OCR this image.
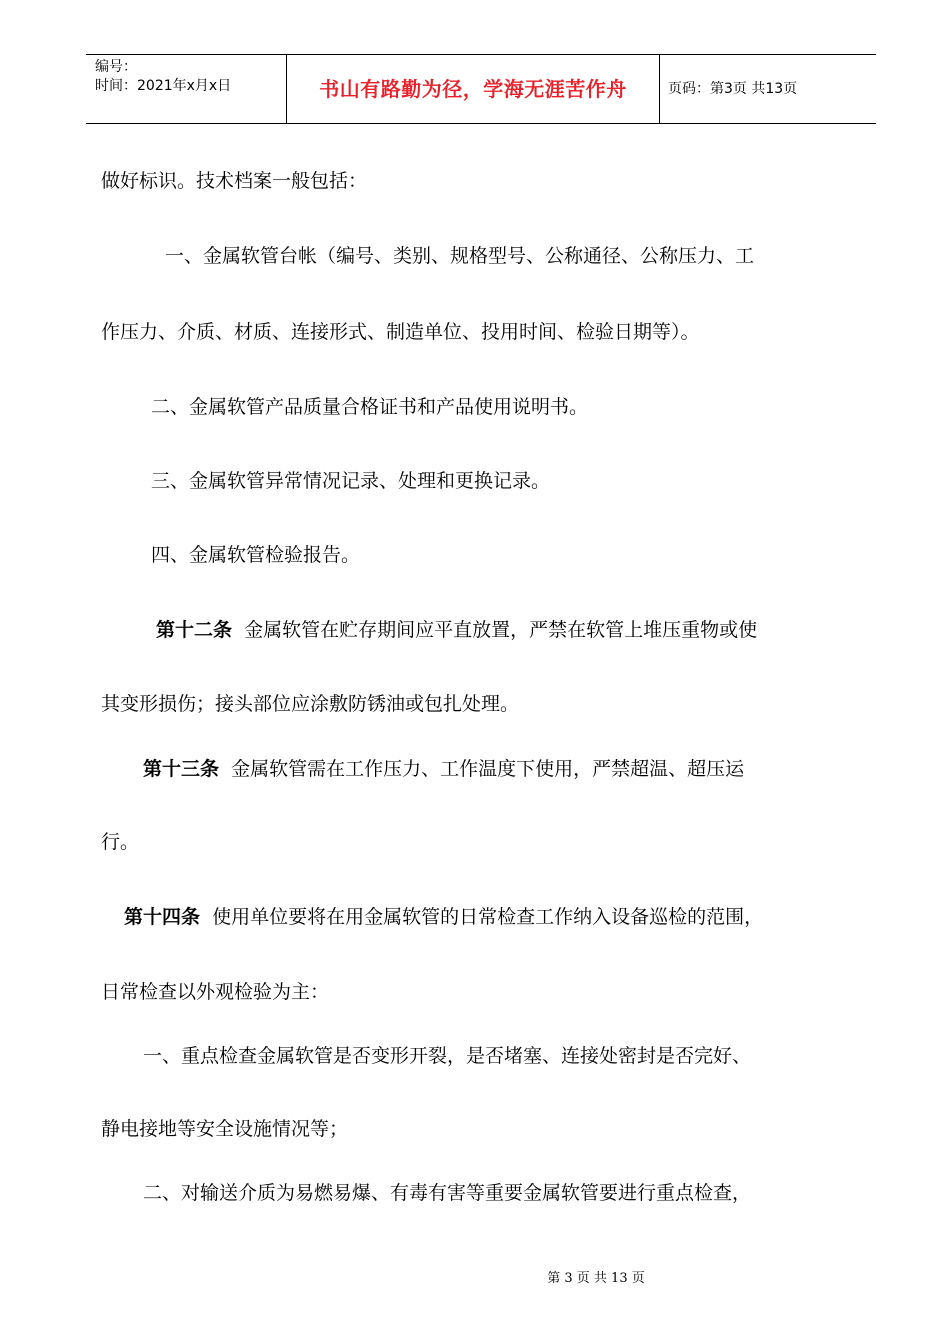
编号：
时间：2021年x月x日	书山有路勤为径，学海无涯苦作舟	页码：第3页 共13页
做好标识。技术档案一般包括：
一、金属软管台帐（编号、类别、规格型号、公称通径、公称压力、工
作压力、介质、材质、连接形式、制造单位、投用时间、检验日期等）。
二、金属软管产品质量合格证书和产品使用说明书。
三、金属软管异常情况记录、处理和更换记录。
四、金属软管检验报告。
第十二条 金属软管在贮存期间应平直放置，严禁在软管上堆压重物或使
其变形损伤；接头部位应涂敷防锈油或包扎处理。
第十三条 金属软管需在工作压力、工作温度下使用，严禁超温、超压运
行。
第十四条 使用单位要将在用金属软管的日常检查工作纳入设备巡检的范围，
日常检查以外观检验为主：
一、重点检查金属软管是否变形开裂，是否堵塞、连接处密封是否完好、
静电接地等安全设施情况等；
二、对输送介质为易燃易爆、有毒有害等重要金属软管要进行重点检查，
第 3 页 共 13 页
